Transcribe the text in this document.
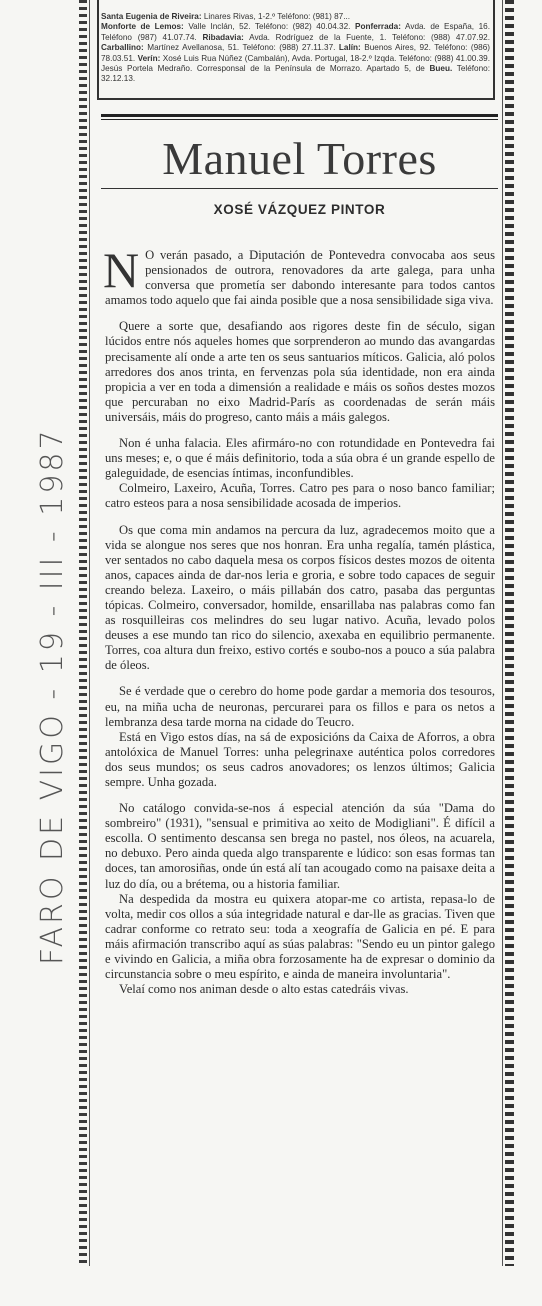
FARO DE VIGO - 19 - III - 1987
Santa Eugenia de Riveira: Linares Rivas, 1-2.º Teléfono: (981) 87...
Monforte de Lemos: Valle Inclán, 52. Teléfono: (982) 40.04.32. Ponferrada: Avda. de España, 16. Teléfono (987) 41.07.74. Ribadavia: Avda. Rodríguez de la Fuente, 1. Teléfono: (988) 47.07.92. Carballino: Martínez Avellanosa, 51. Teléfono: (988) 27.11.37. Lalín: Buenos Aires, 92. Teléfono: (986) 78.03.51. Verín: Xosé Luis Rua Núñez (Cambalán), Avda. Portugal, 18-2.º Izqda. Teléfono: (988) 41.00.39. Jesús Portela Medraño. Corresponsal de la Península de Morrazo. Apartado 5, de Bueu. Teléfono: 32.12.13.
Manuel Torres
XOSÉ VÁZQUEZ PINTOR

N O verán pasado, a Diputación de Pontevedra convocaba aos seus pensionados de outrora, renovadores da arte galega, para unha conversa que prometía ser dabondo interesante para todos cantos amamos todo aquelo que fai ainda posible que a nosa sensibilidade siga viva.

Quere a sorte que, desafiando aos rigores deste fin de século, sigan lúcidos entre nós aqueles homes que sorprenderon ao mundo das avangardas precisamente alí onde a arte ten os seus santuarios míticos. Galicia, aló polos arredores dos anos trinta, en fervenzas pola súa identidade, non era ainda propicia a ver en toda a dimensión a realidade e máis os soños destes mozos que percuraban no eixo Madrid-París as coordenadas de serán máis universáis, máis do progreso, canto máis a máis galegos.

Non é unha falacia. Eles afirmáro-no con rotundidade en Pontevedra fai uns meses; e, o que é máis definitorio, toda a súa obra é un grande espello de galeguidade, de esencias íntimas, inconfundibles.

Colmeiro, Laxeiro, Acuña, Torres. Catro pes para o noso banco familiar; catro esteos para a nosa sensibilidade acosada de imperios.

Os que coma min andamos na percura da luz, agradecemos moito que a vida se alongue nos seres que nos honran. Era unha regalía, tamén plástica, ver sentados no cabo daquela mesa os corpos físicos destes mozos de oitenta anos, capaces ainda de dar-nos leria e groria, e sobre todo capaces de seguir creando beleza. Laxeiro, o máis pillabán dos catro, pasaba das perguntas tópicas. Colmeiro, conversador, homilde, ensarillaba nas palabras como fan as rosquilleiras cos melindres do seu lugar nativo. Acuña, levado polos deuses a ese mundo tan rico do silencio, axexaba en equilibrio permanente. Torres, coa altura dun freixo, estivo cortés e soubo-nos a pouco a súa palabra de óleos.

Se é verdade que o cerebro do home pode gardar a memoria dos tesouros, eu, na miña ucha de neuronas, percurarei para os fillos e para os netos a lembranza desa tarde morna na cidade do Teucro.

Está en Vigo estos días, na sá de exposicións da Caixa de Aforros, a obra antolóxica de Manuel Torres: unha pelegrinaxe auténtica polos corredores dos seus mundos; os seus cadros anovadores; os lenzos últimos; Galicia sempre. Unha gozada.

No catálogo convida-se-nos á especial atención da súa "Dama do sombreiro" (1931), "sensual e primitiva ao xeito de Modigliani". É difícil a escolla. O sentimento descansa sen brega no pastel, nos óleos, na acuarela, no debuxo. Pero ainda queda algo transparente e lúdico: son esas formas tan doces, tan amorosiñas, onde ún está alí tan acougado como na paisaxe deita a luz do día, ou a brétema, ou a historia familiar.

Na despedida da mostra eu quixera atopar-me co artista, repasa-lo de volta, medir cos ollos a súa integridade natural e dar-lle as gracias. Tiven que cadrar conforme co retrato seu: toda a xeografía de Galicia en pé. E para máis afirmación transcribo aquí as súas palabras: "Sendo eu un pintor galego e vivindo en Galicia, a miña obra forzosamente ha de expresar o dominio da circunstancia sobre o meu espírito, e ainda de maneira involuntaria".

Velaí como nos animan desde o alto estas catedráis vivas.
